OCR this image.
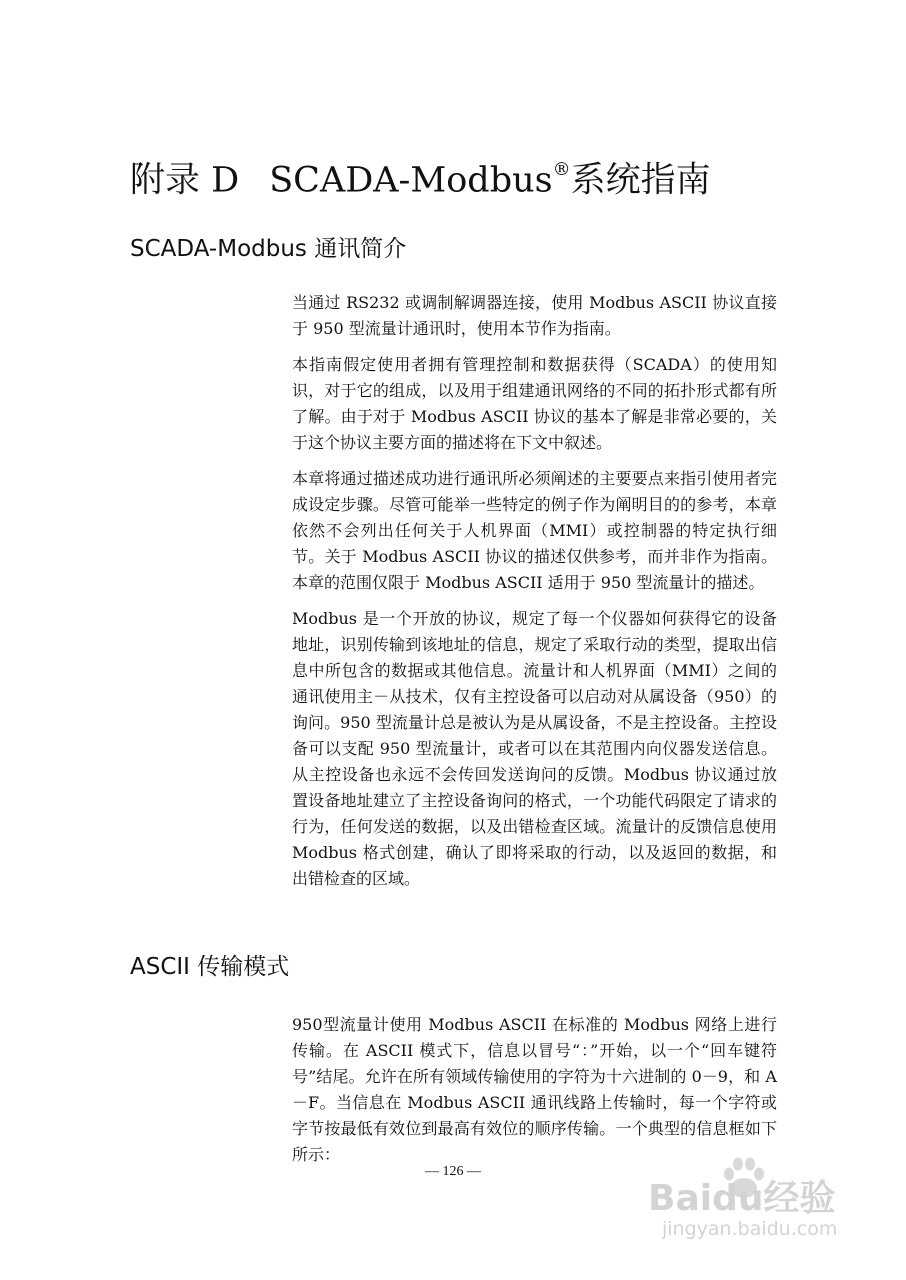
附录 D SCADA-Modbus®系统指南
SCADA-Modbus 通讯简介

当通过 RS232 或调制解调器连接，使用 Modbus ASCII 协议直接于 950 型流量计通讯时，使用本节作为指南。

本指南假定使用者拥有管理控制和数据获得（SCADA）的使用知识，对于它的组成，以及用于组建通讯网络的不同的拓扑形式都有所了解。由于对于 Modbus ASCII 协议的基本了解是非常必要的，关于这个协议主要方面的描述将在下文中叙述。

本章将通过描述成功进行通讯所必须阐述的主要要点来指引使用者完成设定步骤。尽管可能举一些特定的例子作为阐明目的的参考，本章依然不会列出任何关于人机界面（MMI）或控制器的特定执行细节。关于 Modbus ASCII 协议的描述仅供参考，而并非作为指南。本章的范围仅限于 Modbus ASCII 适用于 950 型流量计的描述。

Modbus 是一个开放的协议，规定了每一个仪器如何获得它的设备地址，识别传输到该地址的信息，规定了采取行动的类型，提取出信息中所包含的数据或其他信息。流量计和人机界面（MMI）之间的通讯使用主－从技术，仅有主控设备可以启动对从属设备（950）的询问。950 型流量计总是被认为是从属设备，不是主控设备。主控设备可以支配 950 型流量计，或者可以在其范围内向仪器发送信息。从主控设备也永远不会传回发送询问的反馈。Modbus 协议通过放置设备地址建立了主控设备询问的格式，一个功能代码限定了请求的行为，任何发送的数据，以及出错检查区域。流量计的反馈信息使用 Modbus 格式创建，确认了即将采取的行动，以及返回的数据，和出错检查的区域。

ASCII 传输模式

950型流量计使用 Modbus ASCII 在标准的 Modbus 网络上进行传输。在 ASCII 模式下，信息以冒号“：”开始，以一个“回车键符号”结尾。允许在所有领域传输使用的字符为十六进制的 0－9，和 A－F。当信息在 Modbus ASCII 通讯线路上传输时，每一个字符或字节按最低有效位到最高有效位的顺序传输。一个典型的信息框如下所示：

— 126 —
Baidu经验
jingyan.baidu.com
